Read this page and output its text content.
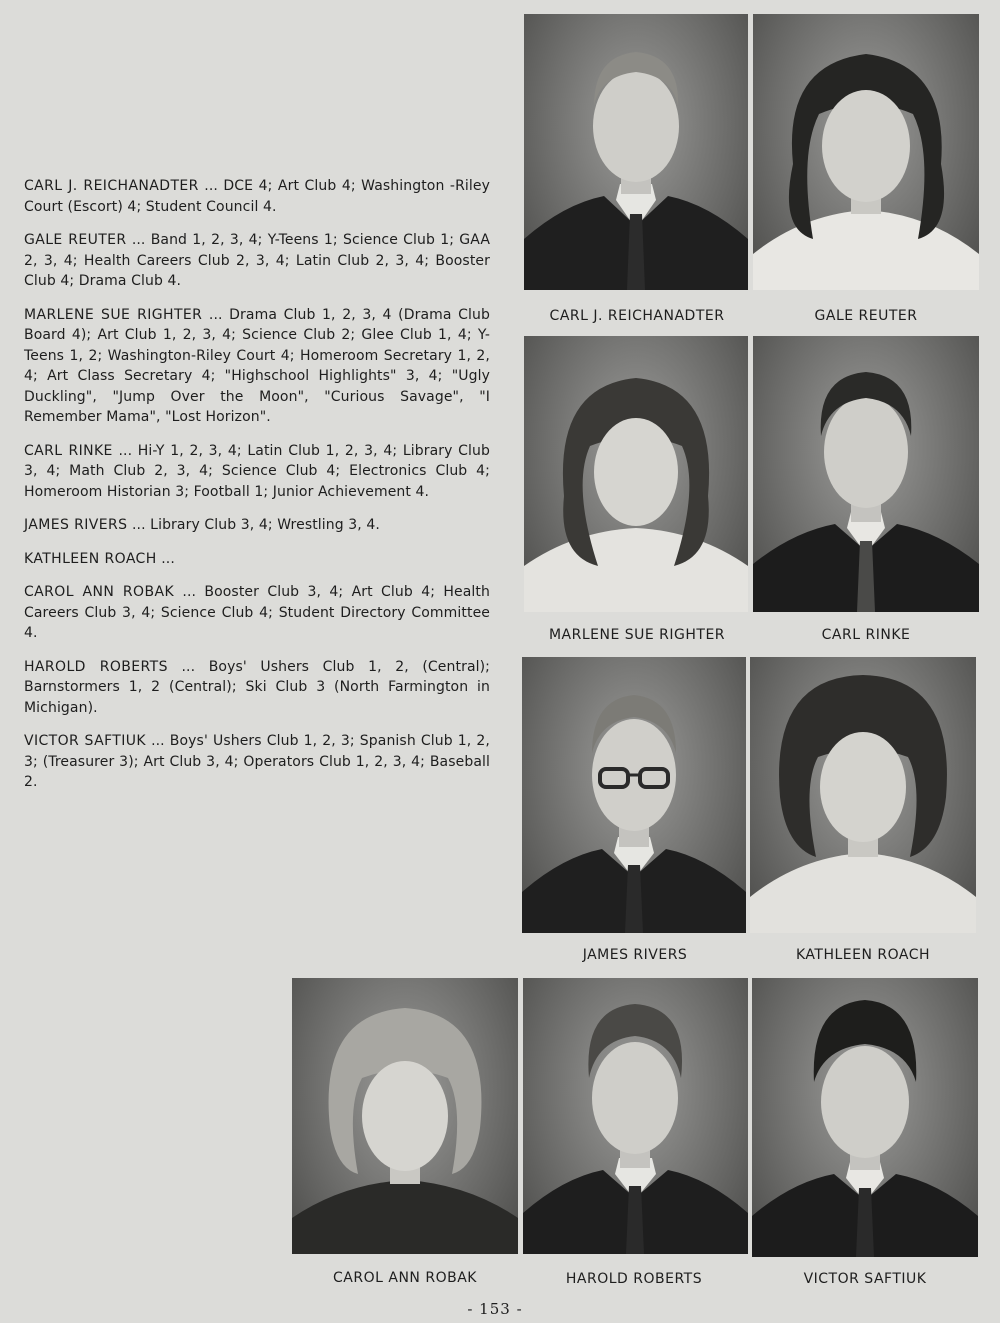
CARL J. REICHANADTER ... DCE 4; Art Club 4; Washington -Riley Court (Escort) 4; Student Council 4.

GALE REUTER ... Band 1, 2, 3, 4; Y-Teens 1; Science Club 1; GAA 2, 3, 4; Health Careers Club 2, 3, 4; Latin Club 2, 3, 4; Booster Club 4; Drama Club 4.

MARLENE SUE RIGHTER ... Drama Club 1, 2, 3, 4 (Drama Club Board 4); Art Club 1, 2, 3, 4; Science Club 2; Glee Club 1, 4; Y-Teens 1, 2; Washington-Riley Court 4; Homeroom Secretary 1, 2, 4; Art Class Secretary 4; "Highschool Highlights" 3, 4; "Ugly Duckling", "Jump Over the Moon", "Curious Savage", "I Remember Mama", "Lost Horizon".

CARL RINKE ... Hi-Y 1, 2, 3, 4; Latin Club 1, 2, 3, 4; Library Club 3, 4; Math Club 2, 3, 4; Science Club 4; Electronics Club 4; Homeroom Historian 3; Football 1; Junior Achievement 4.

JAMES RIVERS ... Library Club 3, 4; Wrestling 3, 4.

KATHLEEN ROACH ...

CAROL ANN ROBAK ... Booster Club 3, 4; Art Club 4; Health Careers Club 3, 4; Science Club 4; Student Directory Committee 4.

HAROLD ROBERTS ... Boys' Ushers Club 1, 2, (Central); Barnstormers 1, 2 (Central); Ski Club 3 (North Farmington in Michigan).

VICTOR SAFTIUK ... Boys' Ushers Club 1, 2, 3; Spanish Club 1, 2, 3; (Treasurer 3); Art Club 3, 4; Operators Club 1, 2, 3, 4; Baseball 2.

CARL J. REICHANADTER	GALE REUTER
MARLENE SUE RIGHTER	CARL RINKE
JAMES RIVERS	KATHLEEN ROACH
CAROL ANN ROBAK	HAROLD ROBERTS	VICTOR SAFTIUK
- 153 -
